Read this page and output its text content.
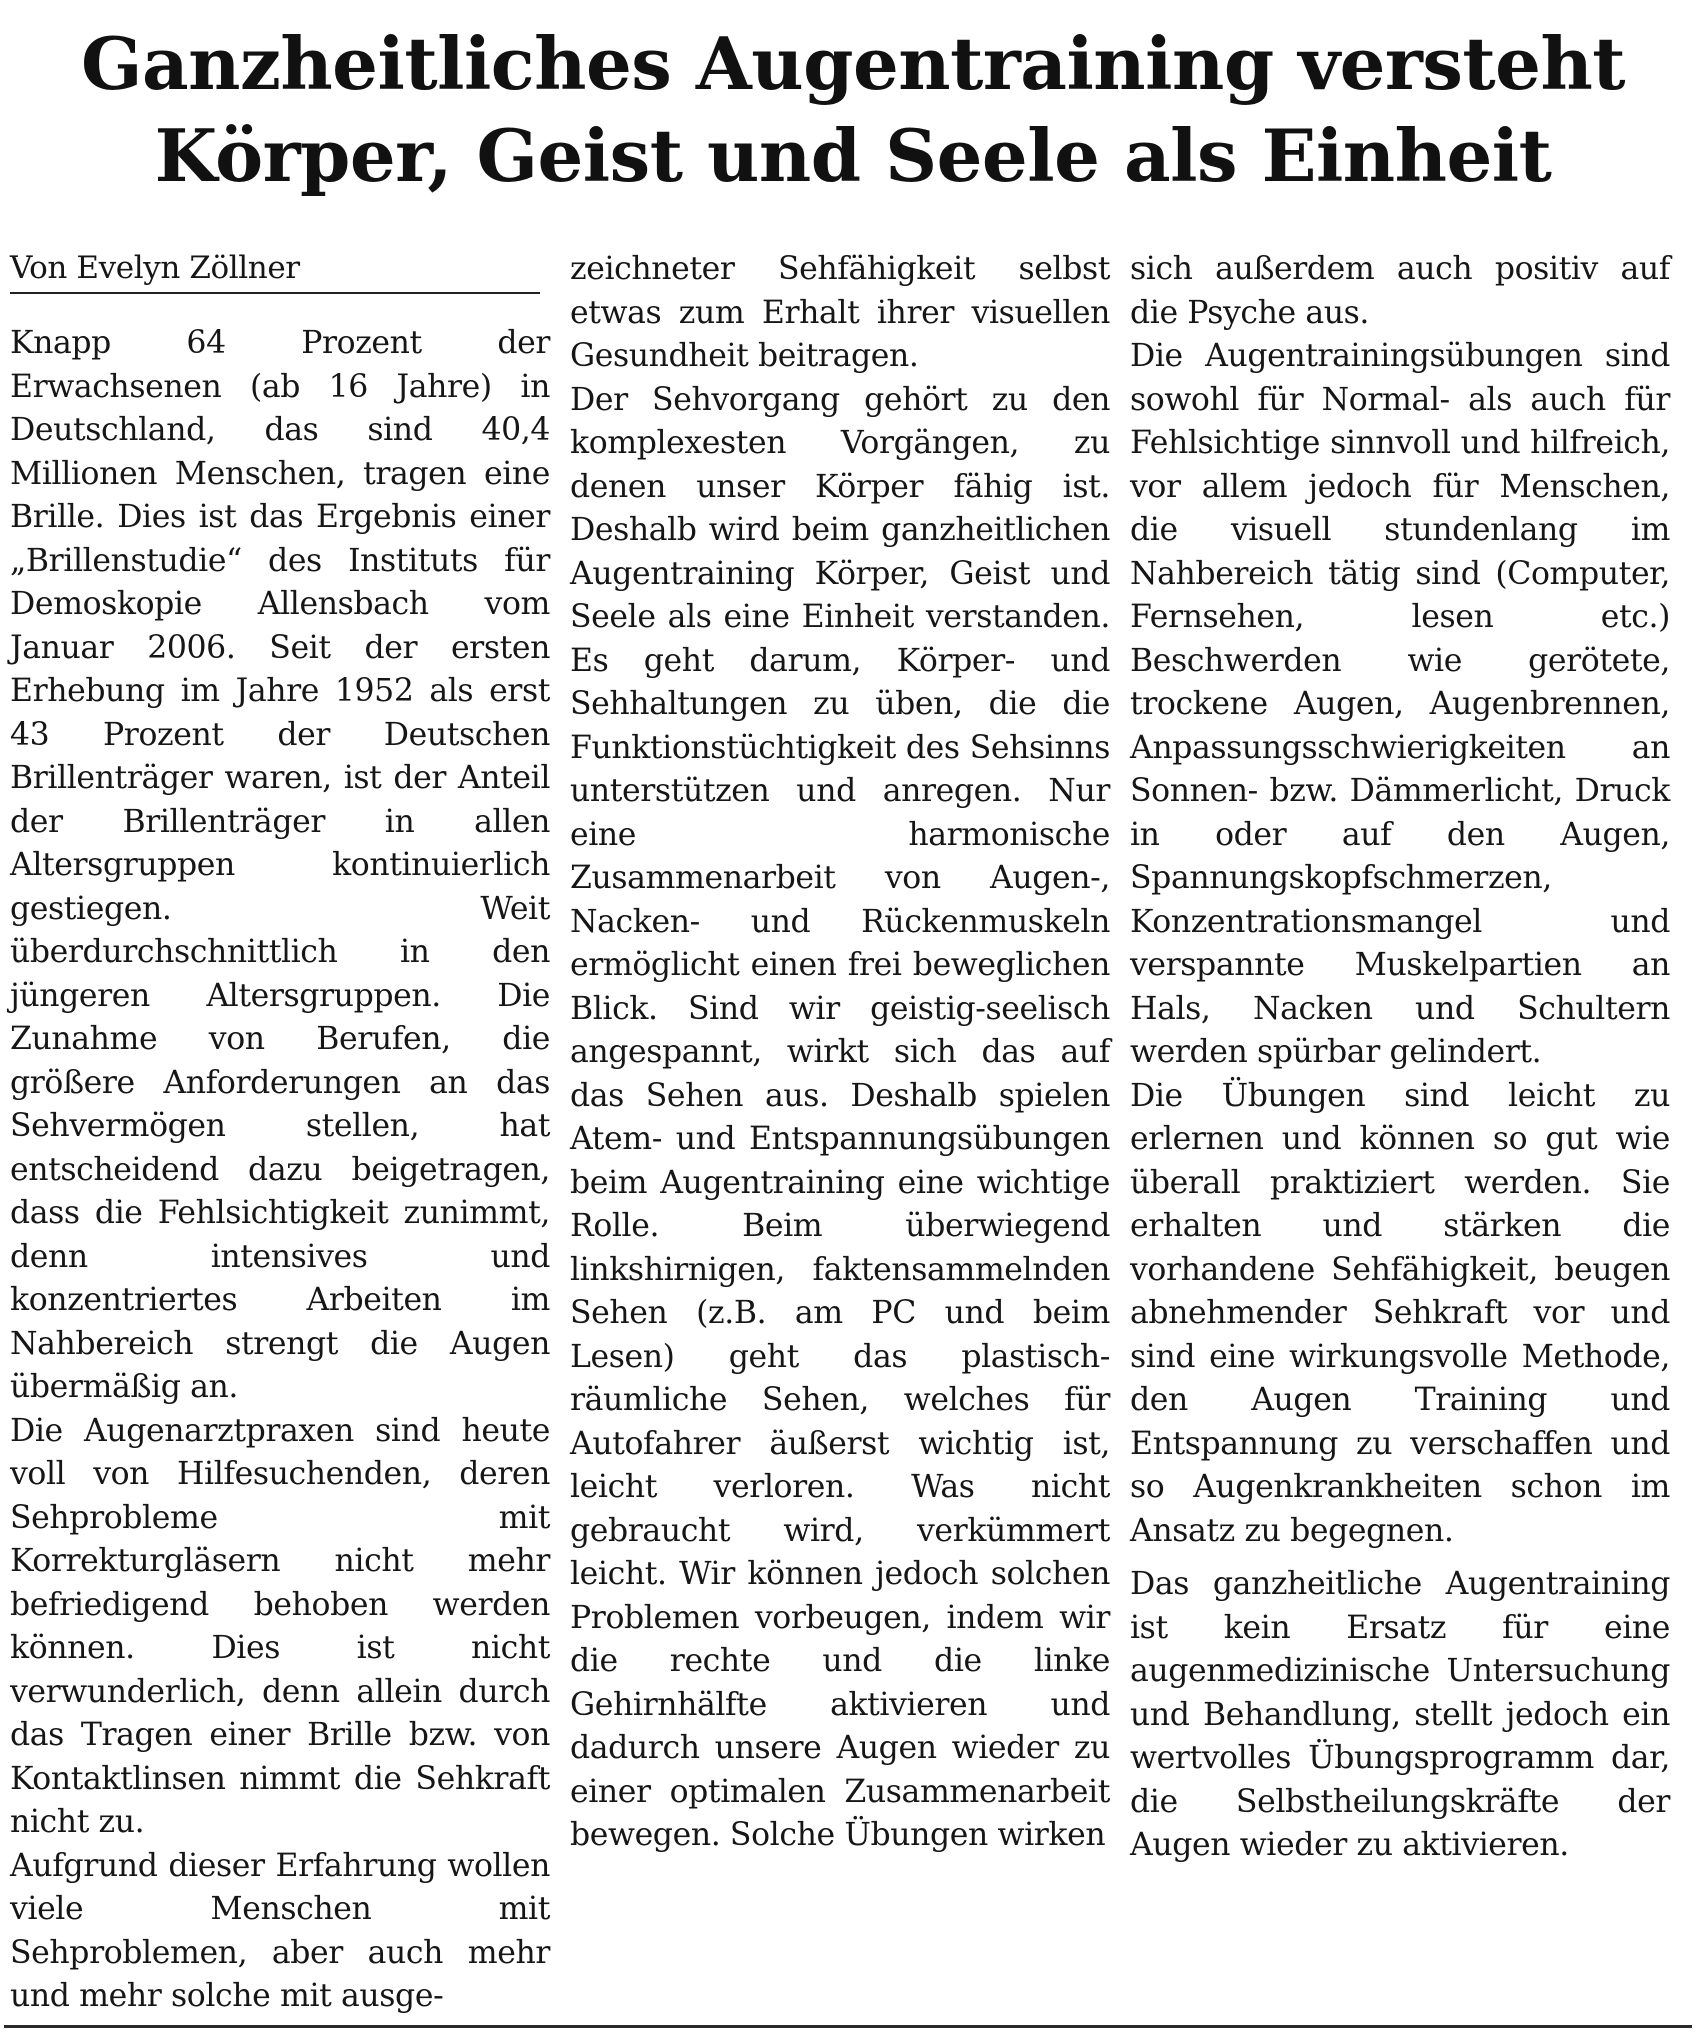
Ganzheitliches Augentraining versteht
Körper, Geist und Seele als Einheit
Von Evelyn Zöllner

Knapp 64 Prozent der Erwachsenen (ab 16 Jahre) in Deutschland, das sind 40,4 Millionen Menschen, tragen eine Brille. Dies ist das Ergebnis einer „Brillenstudie“ des Instituts für Demoskopie Allensbach vom Januar 2006. Seit der ersten Erhebung im Jahre 1952 als erst 43 Prozent der Deutschen Brillenträger waren, ist der Anteil der Brillenträger in allen Altersgruppen kontinuierlich gestiegen. Weit überdurchschnittlich in den jüngeren Altersgruppen. Die Zunahme von Berufen, die größere Anforderungen an das Sehvermögen stellen, hat entscheidend dazu beigetragen, dass die Fehlsichtigkeit zunimmt, denn intensives und konzentriertes Arbeiten im Nahbereich strengt die Augen übermäßig an.

Die Augenarztpraxen sind heute voll von Hilfesuchenden, deren Sehprobleme mit Korrekturgläsern nicht mehr befriedigend behoben werden können. Dies ist nicht verwunderlich, denn allein durch das Tragen einer Brille bzw. von Kontaktlinsen nimmt die Sehkraft nicht zu.

Aufgrund dieser Erfahrung wollen viele Menschen mit Sehproblemen, aber auch mehr und mehr solche mit ausge-

zeichneter Sehfähigkeit selbst etwas zum Erhalt ihrer visuellen Gesundheit beitragen.

Der Sehvorgang gehört zu den komplexesten Vorgängen, zu denen unser Körper fähig ist. Deshalb wird beim ganzheitlichen Augentraining Körper, Geist und Seele als eine Einheit verstanden. Es geht darum, Körper- und Sehhaltungen zu üben, die die Funktionstüchtigkeit des Sehsinns unterstützen und anregen. Nur eine harmonische Zusammenarbeit von Augen-, Nacken- und Rückenmuskeln ermöglicht einen frei beweglichen Blick. Sind wir geistig-seelisch angespannt, wirkt sich das auf das Sehen aus. Deshalb spielen Atem- und Entspannungsübungen beim Augentraining eine wichtige Rolle. Beim überwiegend linkshirnigen, faktensammelnden Sehen (z.B. am PC und beim Lesen) geht das plastisch-räumliche Sehen, welches für Autofahrer äußerst wichtig ist, leicht verloren. Was nicht gebraucht wird, verkümmert leicht. Wir können jedoch solchen Problemen vorbeugen, indem wir die rechte und die linke Gehirnhälfte aktivieren und dadurch unsere Augen wieder zu einer optimalen Zusammenarbeit bewegen. Solche Übungen wirken

sich außerdem auch positiv auf die Psyche aus.

Die Augentrainingsübungen sind sowohl für Normal- als auch für Fehlsichtige sinnvoll und hilfreich, vor allem jedoch für Menschen, die visuell stundenlang im Nahbereich tätig sind (Computer, Fernsehen, lesen etc.) Beschwerden wie gerötete, trockene Augen, Augenbrennen, Anpassungsschwierigkeiten an Sonnen- bzw. Dämmerlicht, Druck in oder auf den Augen, Spannungskopfschmerzen, Konzentrationsmangel und verspannte Muskelpartien an Hals, Nacken und Schultern werden spürbar gelindert.

Die Übungen sind leicht zu erlernen und können so gut wie überall praktiziert werden. Sie erhalten und stärken die vorhandene Sehfähigkeit, beugen abnehmender Sehkraft vor und sind eine wirkungsvolle Methode, den Augen Training und Entspannung zu verschaffen und so Augenkrankheiten schon im Ansatz zu begegnen.

Das ganzheitliche Augentraining ist kein Ersatz für eine augenmedizinische Untersuchung und Behandlung, stellt jedoch ein wertvolles Übungsprogramm dar, die Selbstheilungskräfte der Augen wieder zu aktivieren.
